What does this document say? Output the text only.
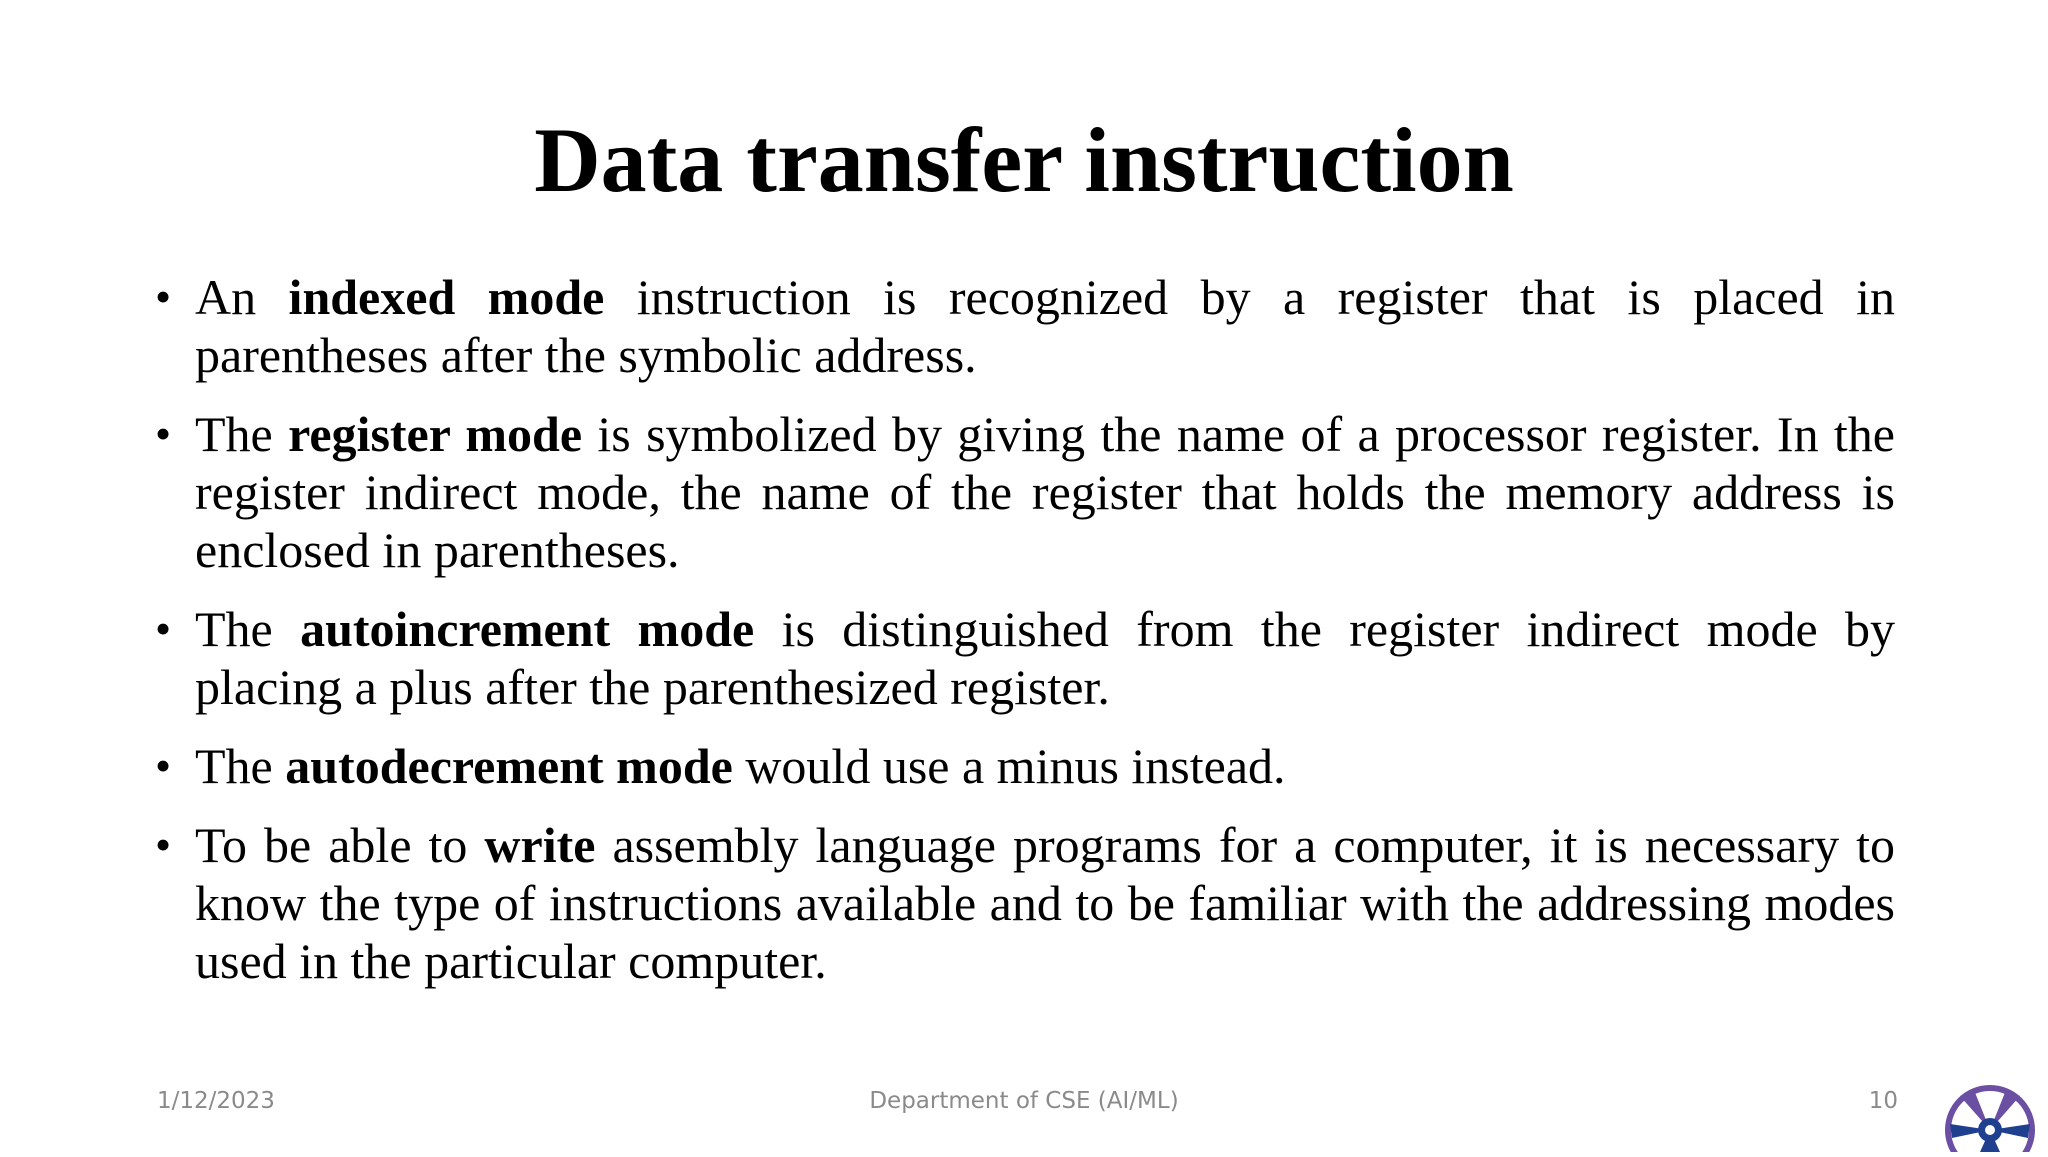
Data transfer instruction
• An indexed mode instruction is recognized by a register that is placed in parentheses after the symbolic address.
• The register mode is symbolized by giving the name of a processor register. In the register indirect mode, the name of the register that holds the memory address is enclosed in parentheses.
• The autoincrement mode is distinguished from the register indirect mode by placing a plus after the parenthesized register.
• The autodecrement mode would use a minus instead.
• To be able to write assembly language programs for a computer, it is necessary to know the type of instructions available and to be familiar with the addressing modes used in the particular computer.
1/12/2023	Department of CSE (AI/ML)	10
